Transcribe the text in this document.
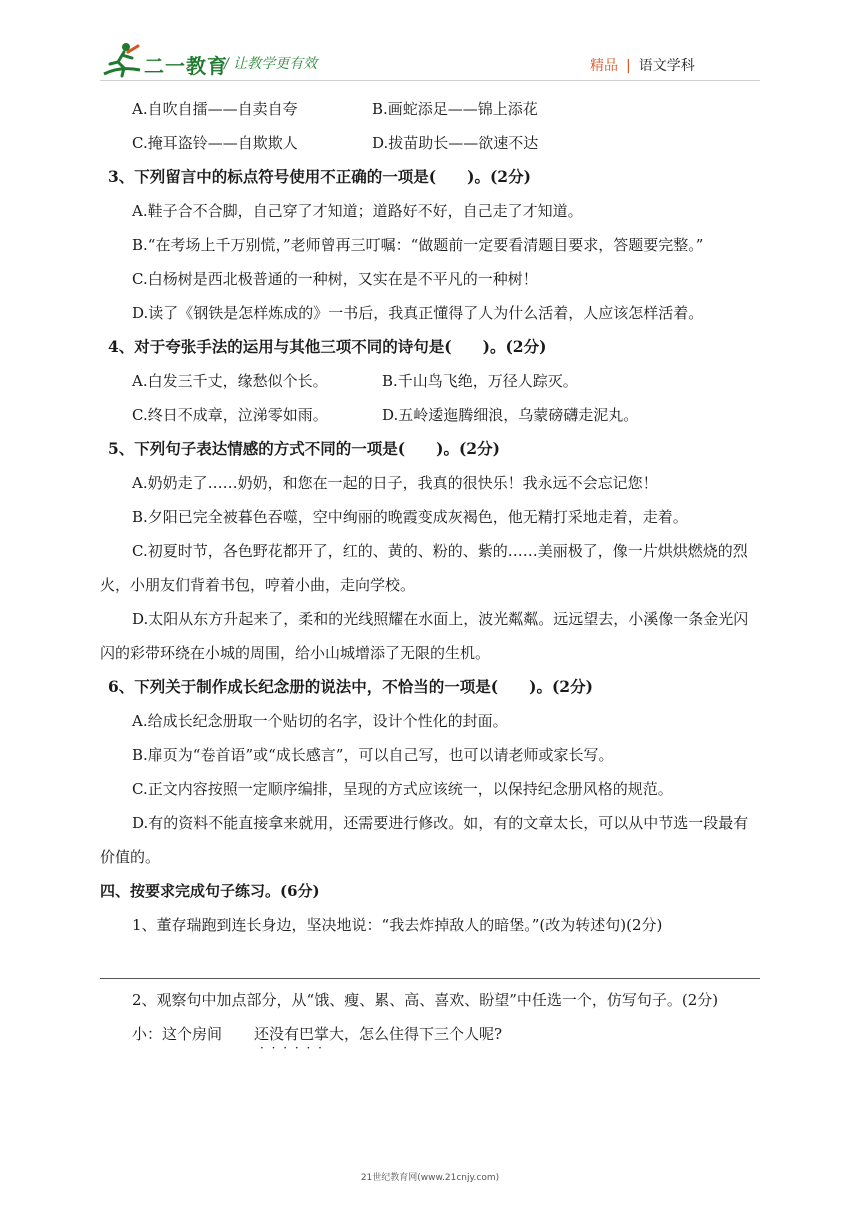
二一教育
/ 让教学更有效	精品 | 语文学科
A.自吹自擂——自卖自夸	B.画蛇添足——锦上添花
C.掩耳盗铃——自欺欺人	D.拔苗助长——欲速不达
3、下列留言中的标点符号使用不正确的一项是(　　)。(2分)
A.鞋子合不合脚，自己穿了才知道；道路好不好，自己走了才知道。
B.“在考场上千万别慌，”老师曾再三叮嘱：“做题前一定要看清题目要求，答题要完整。”
C.白杨树是西北极普通的一种树，又实在是不平凡的一种树！
D.读了《钢铁是怎样炼成的》一书后，我真正懂得了人为什么活着，人应该怎样活着。
4、对于夸张手法的运用与其他三项不同的诗句是(　　)。(2分)
A.白发三千丈，缘愁似个长。	B.千山鸟飞绝，万径人踪灭。
C.终日不成章，泣涕零如雨。	D.五岭逶迤腾细浪，乌蒙磅礴走泥丸。
5、下列句子表达情感的方式不同的一项是(　　)。(2分)
A.奶奶走了……奶奶，和您在一起的日子，我真的很快乐！我永远不会忘记您！
B.夕阳已完全被暮色吞噬，空中绚丽的晚霞变成灰褐色，他无精打采地走着，走着。
C.初夏时节，各色野花都开了，红的、黄的、粉的、紫的……美丽极了，像一片烘烘燃烧的烈火，小朋友们背着书包，哼着小曲，走向学校。
D.太阳从东方升起来了，柔和的光线照耀在水面上，波光粼粼。远远望去，小溪像一条金光闪闪的彩带环绕在小城的周围，给小山城增添了无限的生机。
6、下列关于制作成长纪念册的说法中，不恰当的一项是(　　)。(2分)
A.给成长纪念册取一个贴切的名字，设计个性化的封面。
B.扉页为“卷首语”或“成长感言”，可以自己写，也可以请老师或家长写。
C.正文内容按照一定顺序编排，呈现的方式应该统一，以保持纪念册风格的规范。
D.有的资料不能直接拿来就用，还需要进行修改。如，有的文章太长，可以从中节选一段最有价值的。
四、按要求完成句子练习。(6分)
1、董存瑞跑到连长身边，坚决地说：“我去炸掉敌人的暗堡。”(改为转述句)(2分)
2、观察句中加点部分，从“饿、瘦、累、高、喜欢、盼望”中任选一个，仿写句子。(2分)
小：这个房间 还没有巴掌大 · · ·，怎么住得下三个人呢?
21世纪教育网(www.21cnjy.com)
